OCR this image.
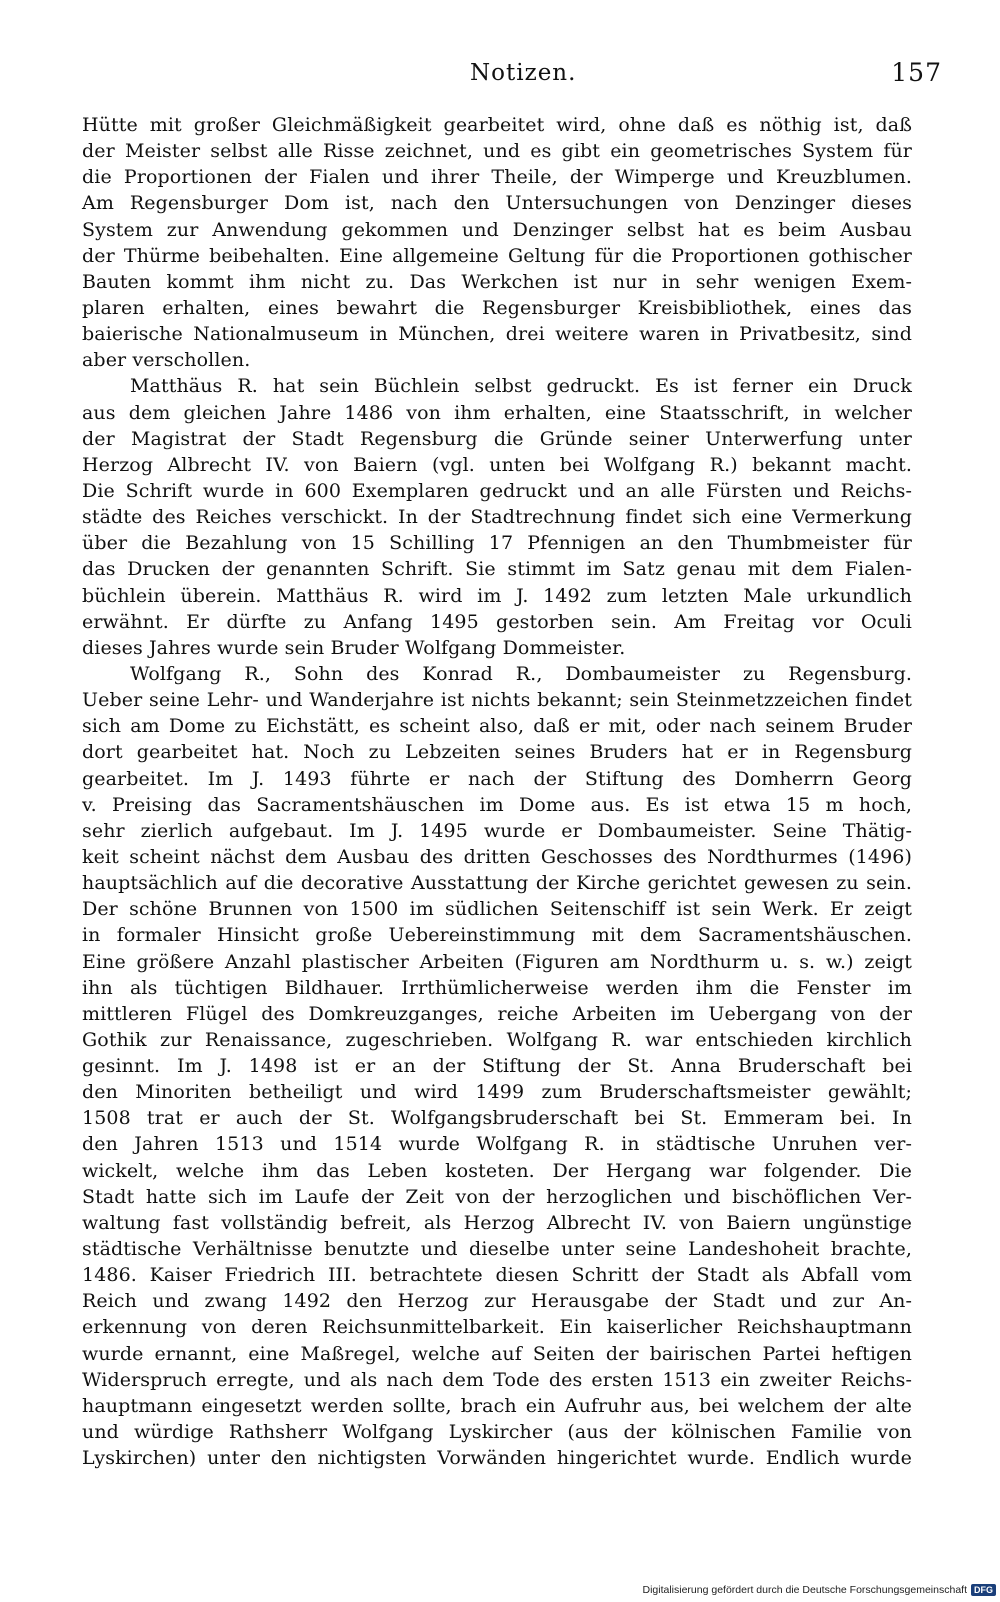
Notizen.	157
Hütte mit großer Gleichmäßigkeit gearbeitet wird, ohne daß es nöthig ist, daß
der Meister selbst alle Risse zeichnet, und es gibt ein geometrisches System für
die Proportionen der Fialen und ihrer Theile, der Wimperge und Kreuzblumen.
Am Regensburger Dom ist, nach den Untersuchungen von Denzinger dieses
System zur Anwendung gekommen und Denzinger selbst hat es beim Ausbau
der Thürme beibehalten. Eine allgemeine Geltung für die Proportionen gothischer
Bauten kommt ihm nicht zu. Das Werkchen ist nur in sehr wenigen Exem-
plaren erhalten, eines bewahrt die Regensburger Kreisbibliothek, eines das
baierische Nationalmuseum in München, drei weitere waren in Privatbesitz, sind
aber verschollen.
Matthäus R. hat sein Büchlein selbst gedruckt. Es ist ferner ein Druck
aus dem gleichen Jahre 1486 von ihm erhalten, eine Staatsschrift, in welcher
der Magistrat der Stadt Regensburg die Gründe seiner Unterwerfung unter
Herzog Albrecht IV. von Baiern (vgl. unten bei Wolfgang R.) bekannt macht.
Die Schrift wurde in 600 Exemplaren gedruckt und an alle Fürsten und Reichs-
städte des Reiches verschickt. In der Stadtrechnung findet sich eine Vermerkung
über die Bezahlung von 15 Schilling 17 Pfennigen an den Thumbmeister für
das Drucken der genannten Schrift. Sie stimmt im Satz genau mit dem Fialen-
büchlein überein. Matthäus R. wird im J. 1492 zum letzten Male urkundlich
erwähnt. Er dürfte zu Anfang 1495 gestorben sein. Am Freitag vor Oculi
dieses Jahres wurde sein Bruder Wolfgang Dommeister.
Wolfgang R., Sohn des Konrad R., Dombaumeister zu Regensburg.
Ueber seine Lehr- und Wanderjahre ist nichts bekannt; sein Steinmetzzeichen findet
sich am Dome zu Eichstätt, es scheint also, daß er mit, oder nach seinem Bruder
dort gearbeitet hat. Noch zu Lebzeiten seines Bruders hat er in Regensburg
gearbeitet. Im J. 1493 führte er nach der Stiftung des Domherrn Georg
v. Preising das Sacramentshäuschen im Dome aus. Es ist etwa 15 m hoch,
sehr zierlich aufgebaut. Im J. 1495 wurde er Dombaumeister. Seine Thätig-
keit scheint nächst dem Ausbau des dritten Geschosses des Nordthurmes (1496)
hauptsächlich auf die decorative Ausstattung der Kirche gerichtet gewesen zu sein.
Der schöne Brunnen von 1500 im südlichen Seitenschiff ist sein Werk. Er zeigt
in formaler Hinsicht große Uebereinstimmung mit dem Sacramentshäuschen.
Eine größere Anzahl plastischer Arbeiten (Figuren am Nordthurm u. s. w.) zeigt
ihn als tüchtigen Bildhauer. Irrthümlicherweise werden ihm die Fenster im
mittleren Flügel des Domkreuzganges, reiche Arbeiten im Uebergang von der
Gothik zur Renaissance, zugeschrieben. Wolfgang R. war entschieden kirchlich
gesinnt. Im J. 1498 ist er an der Stiftung der St. Anna Bruderschaft bei
den Minoriten betheiligt und wird 1499 zum Bruderschaftsmeister gewählt;
1508 trat er auch der St. Wolfgangsbruderschaft bei St. Emmeram bei. In
den Jahren 1513 und 1514 wurde Wolfgang R. in städtische Unruhen ver-
wickelt, welche ihm das Leben kosteten. Der Hergang war folgender. Die
Stadt hatte sich im Laufe der Zeit von der herzoglichen und bischöflichen Ver-
waltung fast vollständig befreit, als Herzog Albrecht IV. von Baiern ungünstige
städtische Verhältnisse benutzte und dieselbe unter seine Landeshoheit brachte,
1486. Kaiser Friedrich III. betrachtete diesen Schritt der Stadt als Abfall vom
Reich und zwang 1492 den Herzog zur Herausgabe der Stadt und zur An-
erkennung von deren Reichsunmittelbarkeit. Ein kaiserlicher Reichshauptmann
wurde ernannt, eine Maßregel, welche auf Seiten der bairischen Partei heftigen
Widerspruch erregte, und als nach dem Tode des ersten 1513 ein zweiter Reichs-
hauptmann eingesetzt werden sollte, brach ein Aufruhr aus, bei welchem der alte
und würdige Rathsherr Wolfgang Lyskircher (aus der kölnischen Familie von
Lyskirchen) unter den nichtigsten Vorwänden hingerichtet wurde. Endlich wurde
Digitalisierung gefördert durch die Deutsche Forschungsgemeinschaft DFG
